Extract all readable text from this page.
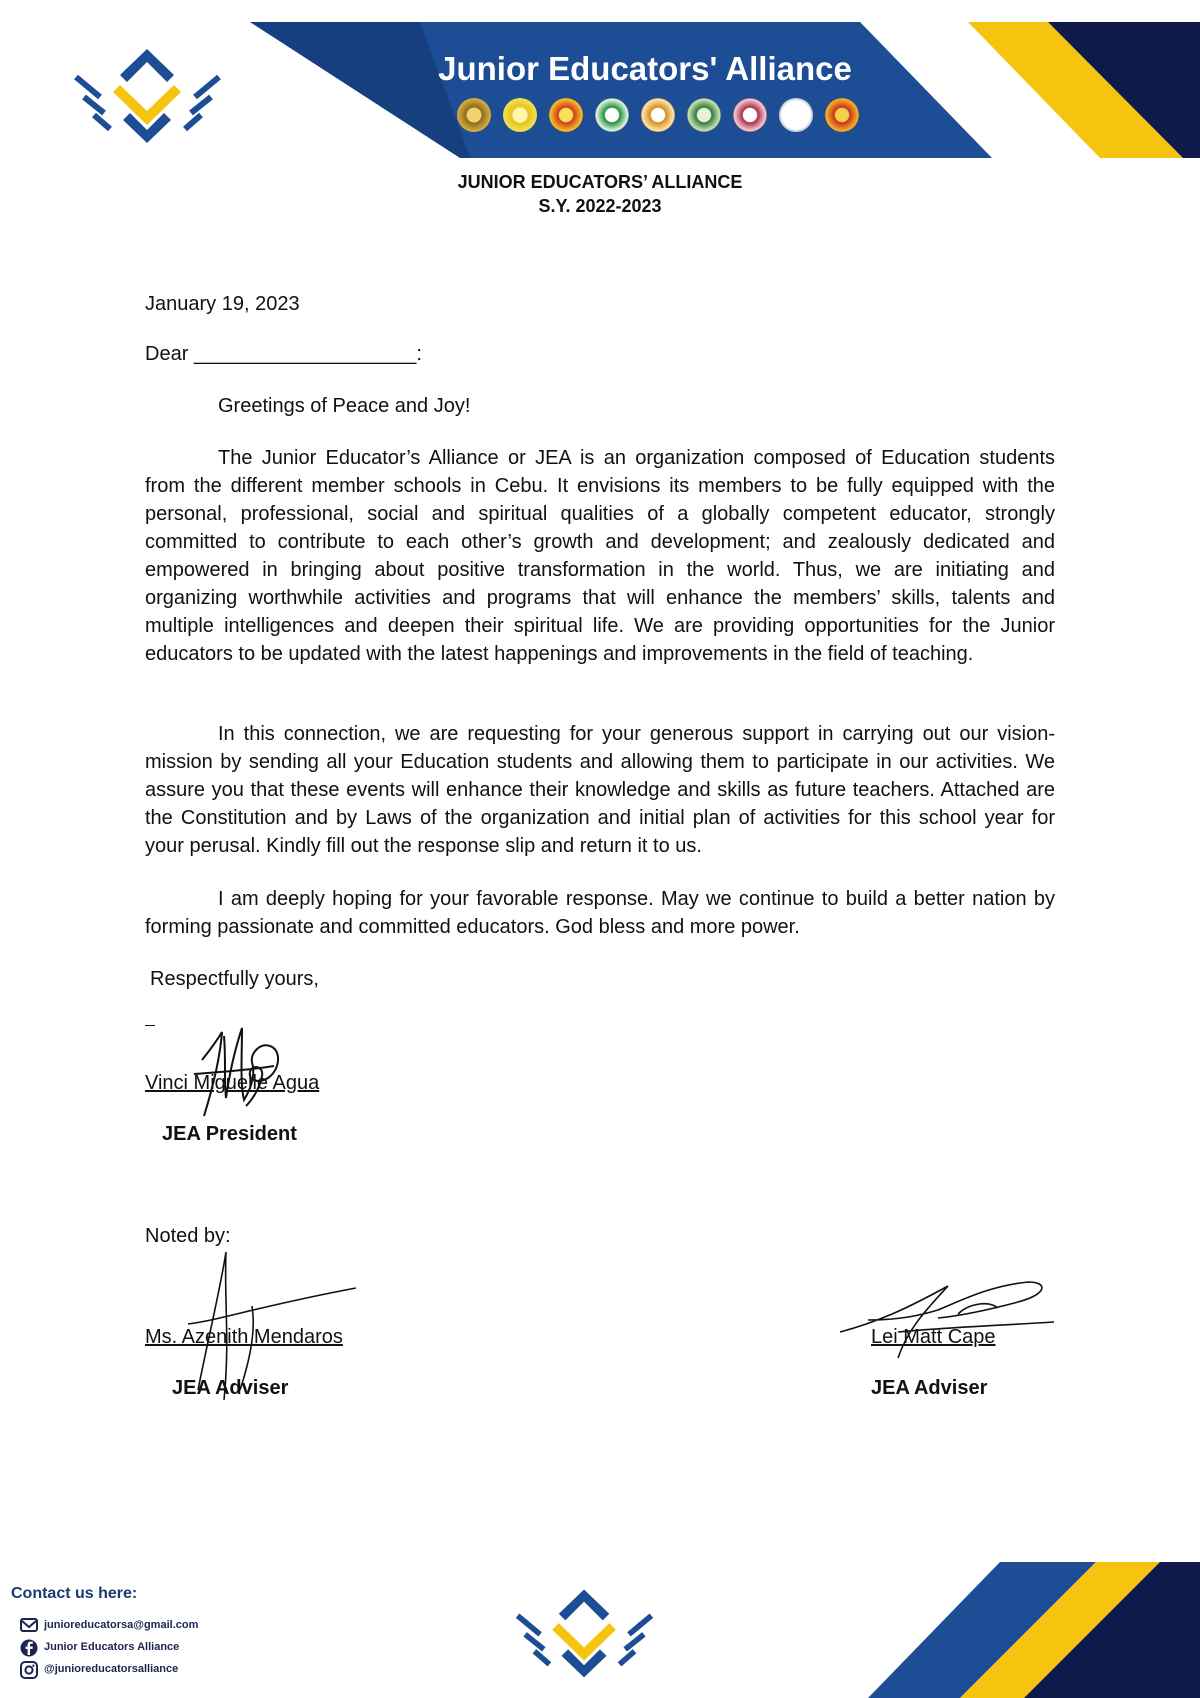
Junior Educators' Alliance
JUNIOR EDUCATORS’ ALLIANCE
S.Y. 2022-2023
January 19, 2023
Dear ____________________:
Greetings of Peace and Joy!
The Junior Educator’s Alliance or JEA is an organization composed of Education students from the different member schools in Cebu. It envisions its members to be fully equipped with the personal, professional, social and spiritual qualities of a globally competent educator, strongly committed to contribute to each other’s growth and development; and zealously dedicated and empowered in bringing about positive transformation in the world. Thus, we are initiating and organizing worthwhile activities and programs that will enhance the members’ skills, talents and multiple intelligences and deepen their spiritual life. We are providing opportunities for the Junior educators to be updated with the latest happenings and improvements in the field of teaching.
In this connection, we are requesting for your generous support in carrying out our vision-mission by sending all your Education students and allowing them to participate in our activities. We assure you that these events will enhance their knowledge and skills as future teachers. Attached are the Constitution and by Laws of the organization and initial plan of activities for this school year for your perusal. Kindly fill out the response slip and return it to us.
I am deeply hoping for your favorable response. May we continue to build a better nation by forming passionate and committed educators. God bless and more power.
Respectfully yours,
Vinci Miguelle Agua
JEA President
Noted by:
Ms. Azenith Mendaros
JEA Adviser
Lei Matt Cape
JEA Adviser
Contact us here:
junioreducatorsa@gmail.com
Junior Educators Alliance
@junioreducatorsalliance
